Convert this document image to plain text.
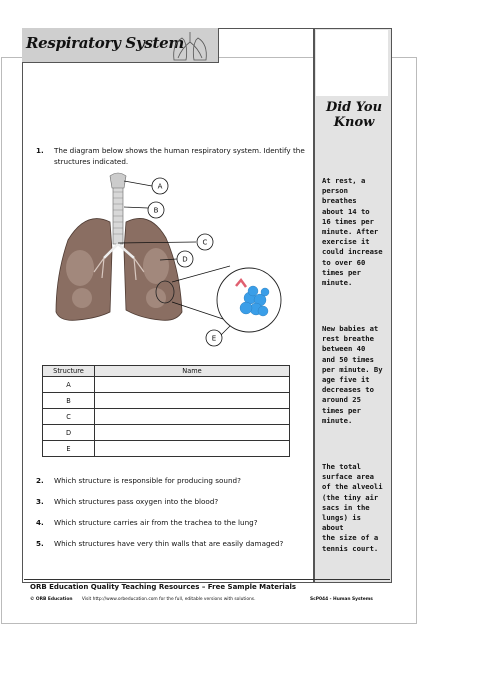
Respiratory System
Did You Know
At rest, a
person
breathes
about 14 to
16 times per
minute. After
exercise it
could increase
to over 60
times per
minute.
New babies at
rest breathe
between 40
and 50 times
per minute. By
age five it
decreases to
around 25
times per
minute.
The total
surface area
of the alveoli
(the tiny air
sacs in the
lungs) is about
the size of a
tennis court.
1. The diagram below shows the human respiratory system. Identify the structures indicated.
A
B
C
D
E
Structure	Name
A	
B	
C	
D	
E	
2. Which structure is responsible for producing sound?
3. Which structures pass oxygen into the blood?
4. Which structure carries air from the trachea to the lung?
5. Which structures have very thin walls that are easily damaged?
ORB Education Quality Teaching Resources – Free Sample Materials
© ORB Education Visit http://www.orbeducation.com for the full, editable versions with solutions.	ScP044 - Human Systems
